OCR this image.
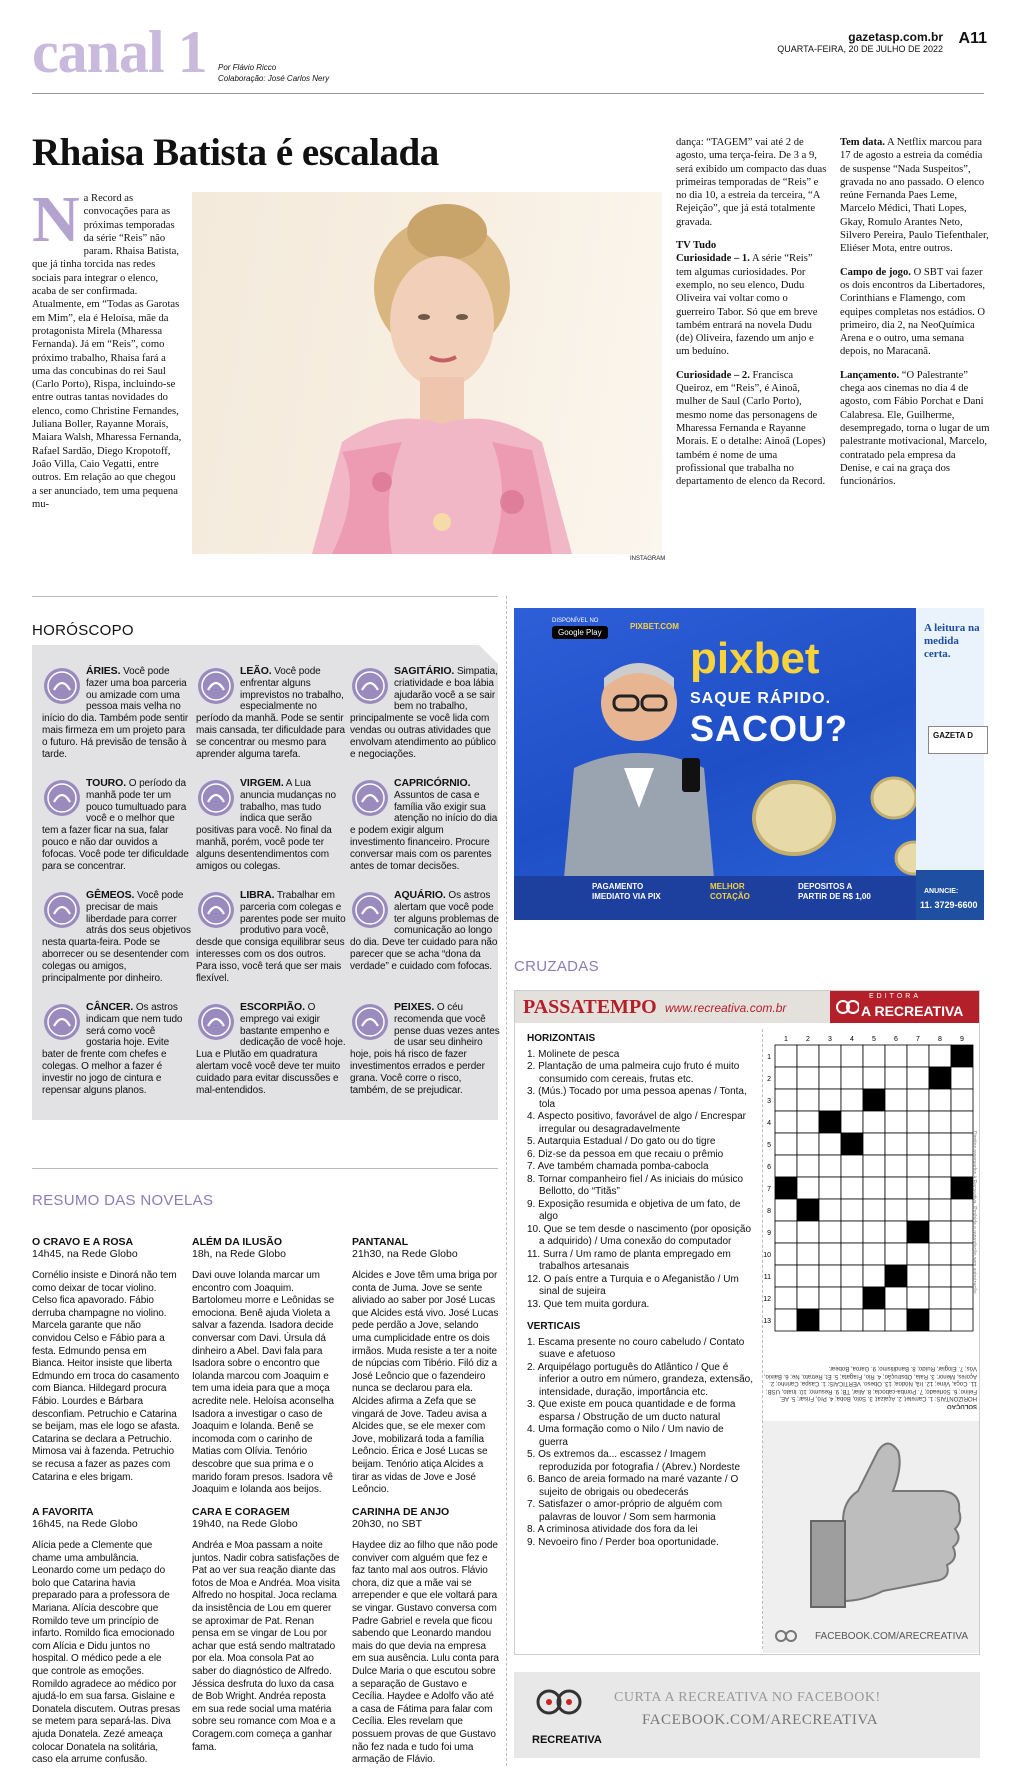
canal 1 Por Flávio Ricco
Colaboração: José Carlos Nery
gazetasp.com.br
QUARTA-FEIRA, 20 DE JULHO DE 2022
A11
Rhaisa Batista é escalada
Na Record as convocações para as próximas temporadas da série “Reis” não param. Rhaisa Batista, que já tinha torcida nas redes sociais para integrar o elenco, acaba de ser confirmada. Atualmente, em “Todas as Garotas em Mim”, ela é Heloísa, mãe da protagonista Mirela (Mharessa Fernanda). Já em “Reis”, como próximo trabalho, Rhaisa fará a uma das concubinas do rei Saul (Carlo Porto), Rispa, incluindo-se entre outras tantas novidades do elenco, como Christine Fernandes, Juliana Boller, Rayanne Morais, Maiara Walsh, Mharessa Fernanda, Rafael Sardão, Diego Kropotoff, João Villa, Caio Vegatti, entre outros. Em relação ao que chegou a ser anunciado, tem uma pequena mu-
INSTAGRAM

dança: “TAGEM” vai até 2 de agosto, uma terça-feira. De 3 a 9, será exibido um compacto das duas primeiras temporadas de “Reis” e no dia 10, a estreia da terceira, “A Rejeição”, que já está totalmente gravada.

TV Tudo

Curiosidade – 1. A série “Reis” tem algumas curiosidades. Por exemplo, no seu elenco, Dudu Oliveira vai voltar como o guerreiro Tabor. Só que em breve também entrará na novela Dudu (de) Oliveira, fazendo um anjo e um beduíno.

Curiosidade – 2. Francisca Queiroz, em “Reis”, é Ainoã, mulher de Saul (Carlo Porto), mesmo nome das personagens de Mharessa Fernanda e Rayanne Morais. E o detalhe: Ainoã (Lopes) também é nome de uma profissional que trabalha no departamento de elenco da Record.

Tem data. A Netflix marcou para 17 de agosto a estreia da comédia de suspense “Nada Suspeitos”, gravada no ano passado. O elenco reúne Fernanda Paes Leme, Marcelo Médici, Thati Lopes, Gkay, Romulo Arantes Neto, Silvero Pereira, Paulo Tiefenthaler, Eliéser Mota, entre outros.

Campo de jogo. O SBT vai fazer os dois encontros da Libertadores, Corinthians e Flamengo, com equipes completas nos estádios. O primeiro, dia 2, na NeoQuímica Arena e o outro, uma semana depois, no Maracanã.

Lançamento. “O Palestrante” chega aos cinemas no dia 4 de agosto, com Fábio Porchat e Dani Calabresa. Ele, Guilherme, desempregado, torna o lugar de um palestrante motivacional, Marcelo, contratado pela empresa da Denise, e cai na graça dos funcionários.

HORÓSCOPO
ÁRIES. Você pode fazer uma boa parceria ou amizade com uma pessoa mais velha no início do dia. Também pode sentir mais firmeza em um projeto para o futuro. Há previsão de tensão à tarde.
LEÃO. Você pode enfrentar alguns imprevistos no trabalho, especialmente no período da manhã. Pode se sentir mais cansada, ter dificuldade para se concentrar ou mesmo para aprender alguma tarefa.
SAGITÁRIO. Simpatia, criatividade e boa lábia ajudarão você a se sair bem no trabalho, principalmente se você lida com vendas ou outras atividades que envolvam atendimento ao público e negociações.
TOURO. O período da manhã pode ter um pouco tumultuado para você e o melhor que tem a fazer ficar na sua, falar pouco e não dar ouvidos a fofocas. Você pode ter dificuldade para se concentrar.
VIRGEM. A Lua anuncia mudanças no trabalho, mas tudo indica que serão positivas para você. No final da manhã, porém, você pode ter alguns desentendimentos com amigos ou colegas.
CAPRICÓRNIO. Assuntos de casa e família vão exigir sua atenção no início do dia e podem exigir algum investimento financeiro. Procure conversar mais com os parentes antes de tomar decisões.
GÊMEOS. Você pode precisar de mais liberdade para correr atrás dos seus objetivos nesta quarta-feira. Pode se aborrecer ou se desentender com colegas ou amigos, principalmente por dinheiro.
LIBRA. Trabalhar em parceria com colegas e parentes pode ser muito produtivo para você, desde que consiga equilibrar seus interesses com os dos outros. Para isso, você terá que ser mais flexível.
AQUÁRIO. Os astros alertam que você pode ter alguns problemas de comunicação ao longo do dia. Deve ter cuidado para não parecer que se acha “dona da verdade” e cuidado com fofocas.
CÂNCER. Os astros indicam que nem tudo será como você gostaria hoje. Evite bater de frente com chefes e colegas. O melhor a fazer é investir no jogo de cintura e repensar alguns planos.
ESCORPIÃO. O emprego vai exigir bastante empenho e dedicação de você hoje. Lua e Plutão em quadratura alertam você você deve ter muito cuidado para evitar discussões e mal-entendidos.
PEIXES. O céu recomenda que você pense duas vezes antes de usar seu dinheiro hoje, pois há risco de fazer investimentos errados e perder grana. Você corre o risco, também, de se prejudicar.
RESUMO DAS NOVELAS
O CRAVO E A ROSA
14h45, na Rede Globo
Cornélio insiste e Dinorá não tem como deixar de tocar violino. Celso fica apavorado. Fábio derruba champagne no violino. Marcela garante que não convidou Celso e Fábio para a festa. Edmundo pensa em Bianca. Heitor insiste que liberta Edmundo em troca do casamento com Bianca. Hildegard procura Fábio. Lourdes e Bárbara desconfiam. Petruchio e Catarina se beijam, mas ele logo se afasta. Catarina se declara a Petruchio. Mimosa vai à fazenda. Petruchio se recusa a fazer as pazes com Catarina e eles brigam.
ALÉM DA ILUSÃO
18h, na Rede Globo
Davi ouve Iolanda marcar um encontro com Joaquim. Bartolomeu morre e Leônidas se emociona. Benê ajuda Violeta a salvar a fazenda. Isadora decide conversar com Davi. Úrsula dá dinheiro a Abel. Davi fala para Isadora sobre o encontro que Iolanda marcou com Joaquim e tem uma ideia para que a moça acredite nele. Heloísa aconselha Isadora a investigar o caso de Joaquim e Iolanda. Benê se incomoda com o carinho de Matias com Olívia. Tenório descobre que sua prima e o marido foram presos. Isadora vê Joaquim e Iolanda aos beijos.
PANTANAL
21h30, na Rede Globo
Alcides e Jove têm uma briga por conta de Juma. Jove se sente aliviado ao saber por José Lucas que Alcides está vivo. José Lucas pede perdão a Jove, selando uma cumplicidade entre os dois irmãos. Muda resiste a ter a noite de núpcias com Tibério. Filó diz a José Leôncio que o fazendeiro nunca se declarou para ela. Alcides afirma a Zefa que se vingará de Jove. Tadeu avisa a Alcides que, se ele mexer com Jove, mobilizará toda a família Leôncio. Érica e José Lucas se beijam. Tenório atiça Alcides a tirar as vidas de Jove e José Leôncio.
A FAVORITA
16h45, na Rede Globo
Alícia pede a Clemente que chame uma ambulância. Leonardo come um pedaço do bolo que Catarina havia preparado para a professora de Mariana. Alícia descobre que Romildo teve um princípio de infarto. Romildo fica emocionado com Alícia e Didu juntos no hospital. O médico pede a ele que controle as emoções. Romildo agradece ao médico por ajudá-lo em sua farsa. Gislaine e Donatela discutem. Outras presas se metem para separá-las. Diva ajuda Donatela. Zezé ameaça colocar Donatela na solitária, caso ela arrume confusão.
CARA E CORAGEM
19h40, na Rede Globo
Andréa e Moa passam a noite juntos. Nadir cobra satisfações de Pat ao ver sua reação diante das fotos de Moa e Andréa. Moa visita Alfredo no hospital. Joca reclama da insistência de Lou em querer se aproximar de Pat. Renan pensa em se vingar de Lou por achar que está sendo maltratado por ela. Moa consola Pat ao saber do diagnóstico de Alfredo. Jéssica desfruta do luxo da casa de Bob Wright. Andréa reposta em sua rede social uma matéria sobre seu romance com Moa e a Coragem.com começa a ganhar fama.
CARINHA DE ANJO
20h30, no SBT
Haydee diz ao filho que não pode conviver com alguém que fez e faz tanto mal aos outros. Flávio chora, diz que a mãe vai se arrepender e que ele voltará para se vingar. Gustavo conversa com Padre Gabriel e revela que ficou sabendo que Leonardo mandou mais do que devia na empresa em sua ausência. Lulu conta para Dulce Maria o que escutou sobre a separação de Gustavo e Cecília. Haydee e Adolfo vão até a casa de Fátima para falar com Cecília. Eles revelam que possuem provas de que Gustavo não fez nada e tudo foi uma armação de Flávio.
DISPONÍVEL NO
Google Play
PIXBET.COM
pixbet
SAQUE RÁPIDO.
SACOU?
PAGAMENTO IMEDIATO VIA PIX
MELHOR COTAÇÃO
DEPOSITOS A PARTIR DE R$ 1,00
A leitura na medida certa.
GAZETA D
ANUNCIE:
11. 3729-6600
CRUZADAS
PASSATEMPO www.recreativa.com.br
EDITORA
A RECREATIVA
HORIZONTAIS
1. Molinete de pesca
2. Plantação de uma palmeira cujo fruto é muito consumido com cereais, frutas etc.
3. (Mús.) Tocado por uma pessoa apenas / Tonta, tola
4. Aspecto positivo, favorável de algo / Encrespar irregular ou desagradavelmente
5. Autarquia Estadual / Do gato ou do tigre
6. Diz-se da pessoa em que recaiu o prêmio
7. Ave também chamada pomba-cabocla
8. Tornar companheiro fiel / As iniciais do músico Bellotto, do “Titãs”
9. Exposição resumida e objetiva de um fato, de algo
10. Que se tem desde o nascimento (por oposição a adquirido) / Uma conexão do computador
11. Surra / Um ramo de planta empregado em trabalhos artesanais
12. O país entre a Turquia e o Afeganistão / Um sinal de sujeira
13. Que tem muita gordura.
VERTICAIS
1. Escama presente no couro cabeludo / Contato suave e afetuoso
2. Arquipélago português do Atlântico / Que é inferior a outro em número, grandeza, extensão, intensidade, duração, importância etc.
3. Que existe em pouca quantidade e de forma esparsa / Obstrução de um ducto natural
4. Uma formação como o Nilo / Um navio de guerra
5. Os extremos da... escassez / Imagem reproduzida por fotografia / (Abrev.) Nordeste
6. Banco de areia formado na maré vazante / O sujeito de obrigais ou obedecerás
7. Satisfazer o amor-próprio de alguém com palavras de louvor / Som sem harmonia
8. A criminosa atividade dos fora da lei
9. Nevoeiro fino / Perder boa oportunidade.
1	2	3	4	5	6	7	8	9
1
2
3
4
5
6
7
8
9
10
11
12
13
SOLUÇÃO
HORIZONTAIS: 1. Carretel; 2. Açaizal; 3. Solo, Boba; 4. Pró, Frisar; 5. AE, Felino; 6. Sorteado; 7. Pomba-cabocla; 8. Aliar, TB; 9. Resumo; 10. Inato, USB; 11. Coça, Vime; 12. Irã, Nódoa; 13. Obeso. VERTICAIS: 1. Caspa, Carinho; 2. Açores, Menor; 3. Rala, Obstrução; 4. Rio, Fragata; 5. Et, Retrato, Ne; 6. Baixio, Vós; 7. Elogiar, Ruído; 8. Banditismo; 9. Garoa, Bobear.
Direitos reservados à Recreativa. Proibida a reprodução sem autorização
FACEBOOK.COM/ARECREATIVA
RECREATIVA
CURTA A RECREATIVA NO FACEBOOK!
FACEBOOK.COM/ARECREATIVA
